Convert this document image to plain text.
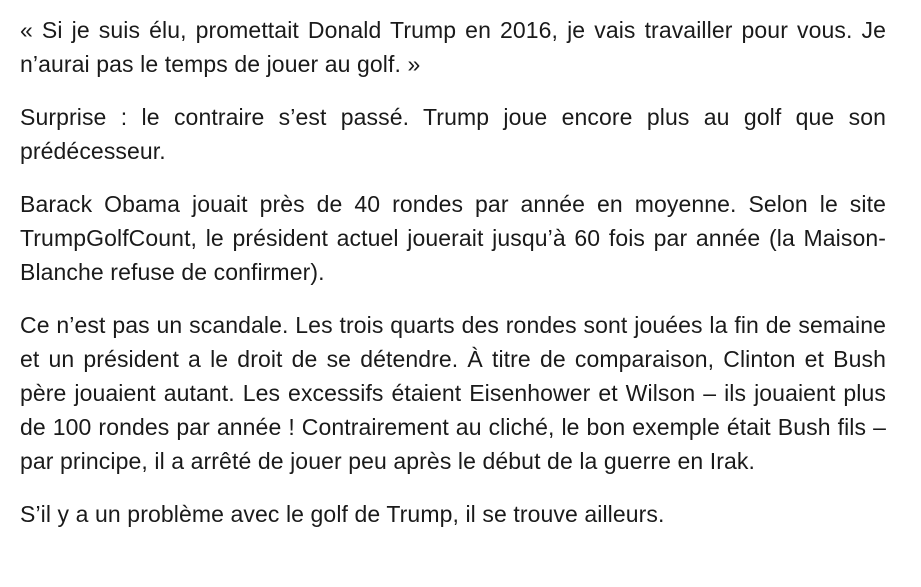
« Si je suis élu, promettait Donald Trump en 2016, je vais travailler pour vous. Je n’aurai pas le temps de jouer au golf. »

Surprise : le contraire s’est passé. Trump joue encore plus au golf que son prédécesseur.

Barack Obama jouait près de 40 rondes par année en moyenne. Selon le site TrumpGolfCount, le président actuel jouerait jusqu’à 60 fois par année (la Maison-Blanche refuse de confirmer).

Ce n’est pas un scandale. Les trois quarts des rondes sont jouées la fin de semaine et un président a le droit de se détendre. À titre de comparaison, Clinton et Bush père jouaient autant. Les excessifs étaient Eisenhower et Wilson – ils jouaient plus de 100 rondes par année ! Contrairement au cliché, le bon exemple était Bush fils – par principe, il a arrêté de jouer peu après le début de la guerre en Irak.

S’il y a un problème avec le golf de Trump, il se trouve ailleurs.
